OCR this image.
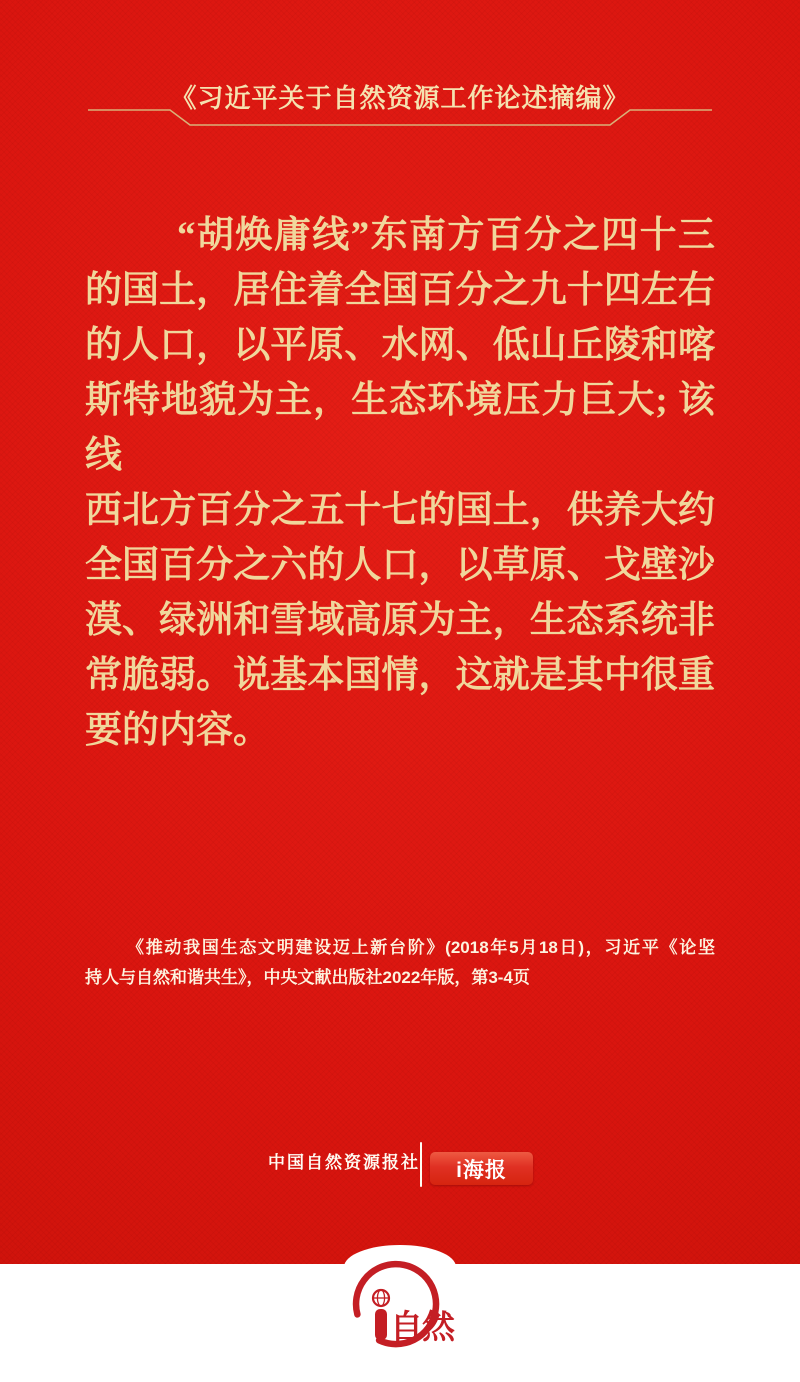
《习近平关于自然资源工作论述摘编》
“胡焕庸线”东南方百分之四十三
的国土，居住着全国百分之九十四左右
的人口，以平原、水网、低山丘陵和喀
斯特地貌为主，生态环境压力巨大; 该线
西北方百分之五十七的国土，供养大约
全国百分之六的人口，以草原、戈壁沙
漠、绿洲和雪域高原为主，生态系统非
常脆弱。说基本国情，这就是其中很重
要的内容。
《推动我国生态文明建设迈上新台阶》(2018年5月18日)，习近平《论坚
持人与自然和谐共生》，中央文献出版社2022年版，第3-4页
中国自然资源报社 i海报
自然
